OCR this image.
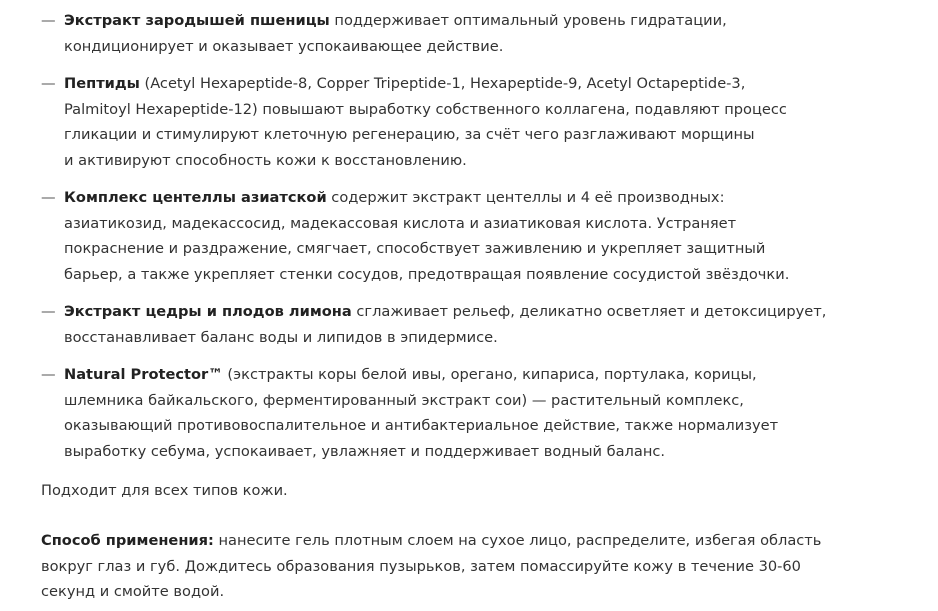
— Экстракт зародышей пшеницы поддерживает оптимальный уровень гидратации,
кондиционирует и оказывает успокаивающее действие.
— Пептиды (Acetyl Hexapeptide-8, Copper Tripeptide-1, Hexapeptide-9, Acetyl Octapeptide-3,
Palmitoyl Hexapeptide-12) повышают выработку собственного коллагена, подавляют процесс
гликации и стимулируют клеточную регенерацию, за счёт чего разглаживают морщины
и активируют способность кожи к восстановлению.
— Комплекс центеллы азиатской содержит экстракт центеллы и 4 её производных:
азиатикозид, мадекассосид, мадекассовая кислота и азиатиковая кислота. Устраняет
покраснение и раздражение, смягчает, способствует заживлению и укрепляет защитный
барьер, а также укрепляет стенки сосудов, предотвращая появление сосудистой звёздочки.
— Экстракт цедры и плодов лимона сглаживает рельеф, деликатно осветляет и детоксицирует,
восстанавливает баланс воды и липидов в эпидермисе.
— Natural Protector™ (экстракты коры белой ивы, орегано, кипариса, портулака, корицы,
шлемника байкальского, ферментированный экстракт сои) — растительный комплекс,
оказывающий противовоспалительное и антибактериальное действие, также нормализует
выработку себума, успокаивает, увлажняет и поддерживает водный баланс.

Подходит для всех типов кожи.

Способ применения: нанесите гель плотным слоем на сухое лицо, распределите, избегая область
вокруг глаз и губ. Дождитесь образования пузырьков, затем помассируйте кожу в течение 30-60
секунд и смойте водой.
